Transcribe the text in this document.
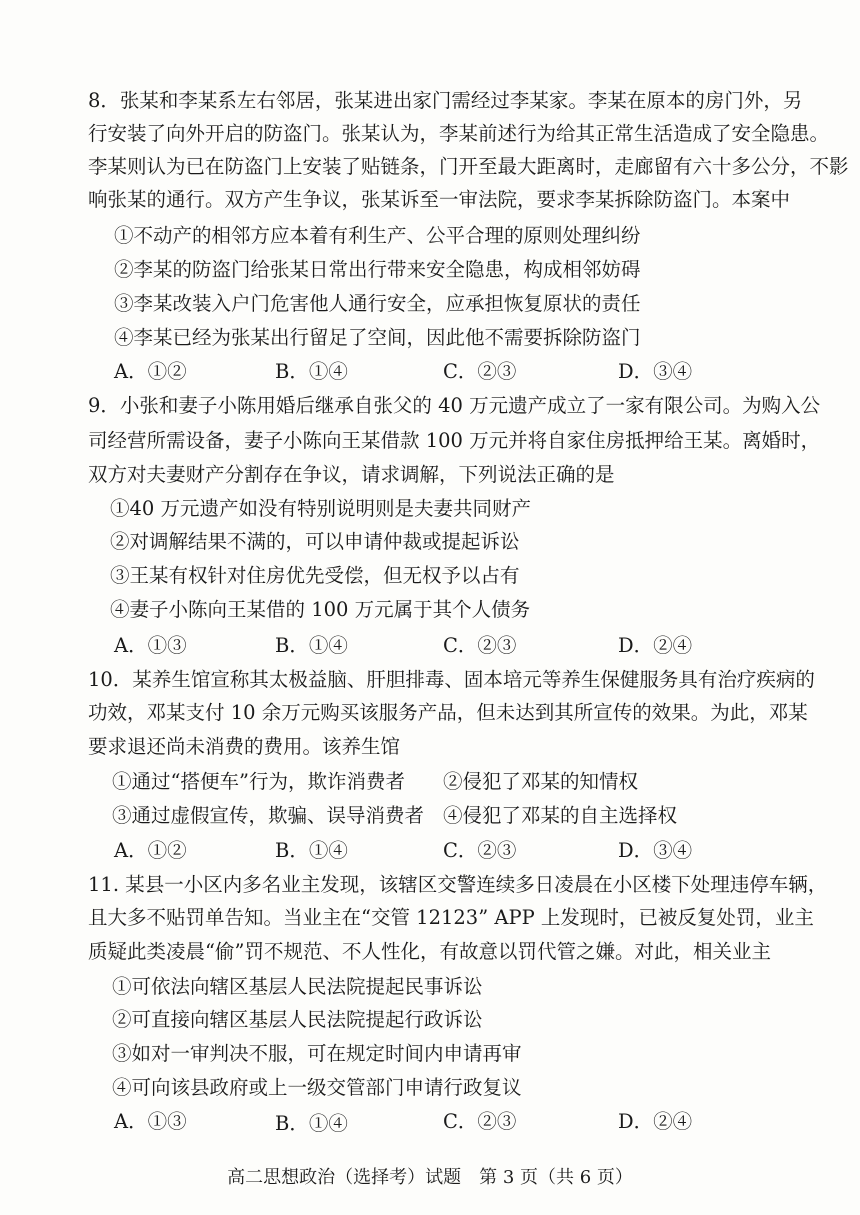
8．张某和李某系左右邻居，张某进出家门需经过李某家。李某在原本的房门外，另
行安装了向外开启的防盗门。张某认为，李某前述行为给其正常生活造成了安全隐患。
李某则认为已在防盗门上安装了贴链条，门开至最大距离时，走廊留有六十多公分，不影
响张某的通行。双方产生争议，张某诉至一审法院，要求李某拆除防盗门。本案中
①不动产的相邻方应本着有利生产、公平合理的原则处理纠纷
②李某的防盗门给张某日常出行带来安全隐患，构成相邻妨碍
③李某改装入户门危害他人通行安全，应承担恢复原状的责任
④李某已经为张某出行留足了空间，因此他不需要拆除防盗门
A．①②	B．①④	C．②③	D．③④
9．小张和妻子小陈用婚后继承自张父的 40 万元遗产成立了一家有限公司。为购入公
司经营所需设备，妻子小陈向王某借款 100 万元并将自家住房抵押给王某。离婚时，
双方对夫妻财产分割存在争议，请求调解，下列说法正确的是
①40 万元遗产如没有特别说明则是夫妻共同财产
②对调解结果不满的，可以申请仲裁或提起诉讼
③王某有权针对住房优先受偿，但无权予以占有
④妻子小陈向王某借的 100 万元属于其个人债务
A．①③	B．①④	C．②③	D．②④
10．某养生馆宣称其太极益脑、肝胆排毒、固本培元等养生保健服务具有治疗疾病的
功效，邓某支付 10 余万元购买该服务产品，但未达到其所宣传的效果。为此，邓某
要求退还尚未消费的费用。该养生馆
①通过“搭便车”行为，欺诈消费者 ②侵犯了邓某的知情权
③通过虚假宣传，欺骗、误导消费者 ④侵犯了邓某的自主选择权
A．①②	B．①④	C．②③	D．③④
11. 某县一小区内多名业主发现，该辖区交警连续多日凌晨在小区楼下处理违停车辆，
且大多不贴罚单告知。当业主在“交管 12123” APP 上发现时，已被反复处罚，业主
质疑此类凌晨“偷”罚不规范、不人性化，有故意以罚代管之嫌。对此，相关业主
①可依法向辖区基层人民法院提起民事诉讼
②可直接向辖区基层人民法院提起行政诉讼
③如对一审判决不服，可在规定时间内申请再审
④可向该县政府或上一级交管部门申请行政复议
A．①③	B．①④	C．②③	D．②④
高二思想政治（选择考）试题　第 3 页（共 6 页）
